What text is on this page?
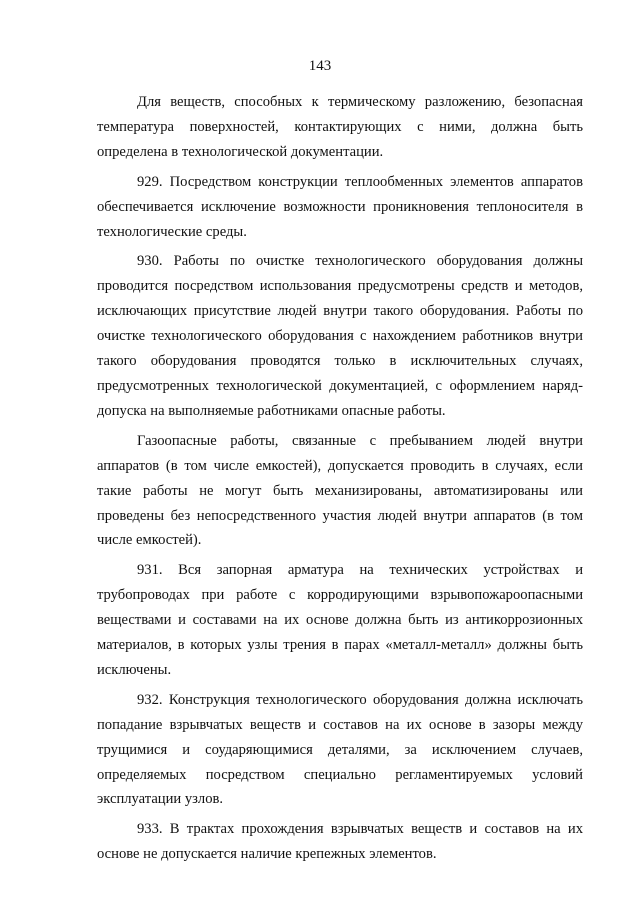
143

Для веществ, способных к термическому разложению, безопасная температура поверхностей, контактирующих с ними, должна быть определена в технологической документации.

929. Посредством конструкции теплообменных элементов аппаратов обеспечивается исключение возможности проникновения теплоносителя в технологические среды.

930. Работы по очистке технологического оборудования должны проводится посредством использования предусмотрены средств и методов, исключающих присутствие людей внутри такого оборудования. Работы по очистке технологического оборудования с нахождением работников внутри такого оборудования проводятся только в исключительных случаях, предусмотренных технологической документацией, с оформлением наряд-допуска на выполняемые работниками опасные работы.

Газоопасные работы, связанные с пребыванием людей внутри аппаратов (в том числе емкостей), допускается проводить в случаях, если такие работы не могут быть механизированы, автоматизированы или проведены без непосредственного участия людей внутри аппаратов (в том числе емкостей).

931. Вся запорная арматура на технических устройствах и трубопроводах при работе с корродирующими взрывопожароопасными веществами и составами на их основе должна быть из антикоррозионных материалов, в которых узлы трения в парах «металл-металл» должны быть исключены.

932. Конструкция технологического оборудования должна исключать попадание взрывчатых веществ и составов на их основе в зазоры между трущимися и соударяющимися деталями, за исключением случаев, определяемых посредством специально регламентируемых условий эксплуатации узлов.

933. В трактах прохождения взрывчатых веществ и составов на их основе не допускается наличие крепежных элементов.
